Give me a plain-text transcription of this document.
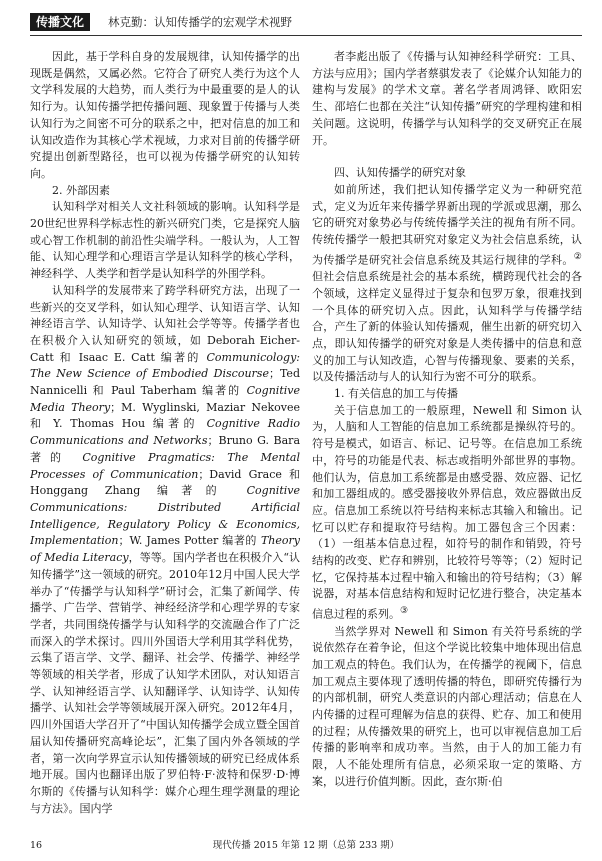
传播文化	林克勤：认知传播学的宏观学术视野

因此，基于学科自身的发展规律，认知传播学的出现既是偶然，又属必然。它符合了研究人类行为这个人文学科发展的大趋势，而人类行为中最重要的是人的认知行为。认知传播学把传播问题、现象置于传播与人类认知行为之间密不可分的联系之中，把对信息的加工和认知改造作为其核心学术视域，力求对目前的传播学研究提出创新型路径，也可以视为传播学研究的认知转向。

2. 外部因素

认知科学对相关人文社科领域的影响。认知科学是20世纪世界科学标志性的新兴研究门类，它是探究人脑或心智工作机制的前沿性尖端学科。一般认为，人工智能、认知心理学和心理语言学是认知科学的核心学科，神经科学、人类学和哲学是认知科学的外围学科。

认知科学的发展带来了跨学科研究方法，出现了一些新兴的交叉学科，如认知心理学、认知语言学、认知神经语言学、认知诗学、认知社会学等等。传播学者也在积极介入认知研究的领域，如 Deborah Eicher‐Catt 和 Isaac E. Catt 编著的 Communicology: The New Science of Embodied Discourse；Ted Nannicelli 和 Paul Taberham 编著的 Cognitive Media Theory；M. Wyglinski, Maziar Nekovee 和 Y. Thomas Hou 编著的 Cognitive Radio Communications and Networks；Bruno G. Bara 著的 Cognitive Pragmatics: The Mental Processes of Communication；David Grace 和 Honggang Zhang 编著的 Cognitive Communications: Distributed Artificial Intelligence, Regulatory Policy & Economics, Implementation；W. James Potter 编著的 Theory of Media Literacy，等等。国内学者也在积极介入“认知传播学”这一领域的研究。2010年12月中国人民大学举办了“传播学与认知科学”研讨会，汇集了新闻学、传播学、广告学、营销学、神经经济学和心理学界的专家学者，共同围绕传播学与认知科学的交流融合作了广泛而深入的学术探讨。四川外国语大学利用其学科优势，云集了语言学、文学、翻译、社会学、传播学、神经学等领域的相关学者，形成了认知学术团队，对认知语言学、认知神经语言学、认知翻译学、认知诗学、认知传播学、认知社会学等领域展开深入研究。2012年4月，四川外国语大学召开了“中国认知传播学会成立暨全国首届认知传播研究高峰论坛”，汇集了国内外各领域的学者，第一次向学界宣示认知传播领域的研究已经成体系地开展。国内也翻译出版了罗伯特·F·波特和保罗·D·博尔斯的《传播与认知科学：媒介心理生理学测量的理论与方法》。国内学

者李彪出版了《传播与认知神经科学研究：工具、方法与应用》；国内学者蔡骐发表了《论媒介认知能力的建构与发展》的学术文章。著名学者周鸿铎、欧阳宏生、邵培仁也都在关注“认知传播”研究的学理构建和相关问题。这说明，传播学与认知科学的交叉研究正在展开。

四、认知传播学的研究对象

如前所述，我们把认知传播学定义为一种研究范式，定义为近年来传播学界新出现的学派或思潮，那么它的研究对象势必与传统传播学关注的视角有所不同。传统传播学一般把其研究对象定义为社会信息系统，认为传播学是研究社会信息系统及其运行规律的学科。②但社会信息系统是社会的基本系统，横跨现代社会的各个领域，这样定义显得过于复杂和包罗万象，很难找到一个具体的研究切入点。因此，认知科学与传播学结合，产生了新的体验认知传播观，催生出新的研究切入点，即认知传播学的研究对象是人类传播中的信息和意义的加工与认知改造，心智与传播现象、要素的关系，以及传播活动与人的认知行为密不可分的联系。

1. 有关信息的加工与传播

关于信息加工的一般原理，Newell 和 Simon 认为，人脑和人工智能的信息加工系统都是操纵符号的。符号是模式，如语言、标记、记号等。在信息加工系统中，符号的功能是代表、标志或指明外部世界的事物。他们认为，信息加工系统都是由感受器、效应器、记忆和加工器组成的。感受器接收外界信息，效应器做出反应。信息加工系统以符号结构来标志其输入和输出。记忆可以贮存和提取符号结构。加工器包含三个因素：（1）一组基本信息过程，如符号的制作和销毁，符号结构的改变、贮存和辨别，比较符号等等；（2）短时记忆，它保持基本过程中输入和输出的符号结构；（3）解说器，对基本信息结构和短时记忆进行整合，决定基本信息过程的系列。③

当然学界对 Newell 和 Simon 有关符号系统的学说依然存在着争论，但这个学说比较集中地体现出信息加工观点的特色。我们认为，在传播学的视阈下，信息加工观点主要体现了透明传播的特色，即研究传播行为的内部机制，研究人类意识的内部心理活动；信息在人内传播的过程可理解为信息的获得、贮存、加工和使用的过程；从传播效果的研究上，也可以审视信息加工后传播的影响率和成功率。当然，由于人的加工能力有限，人不能处理所有信息，必须采取一定的策略、方案，以进行价值判断。因此，查尔斯·伯

16	现代传播 2015 年第 12 期（总第 233 期）
